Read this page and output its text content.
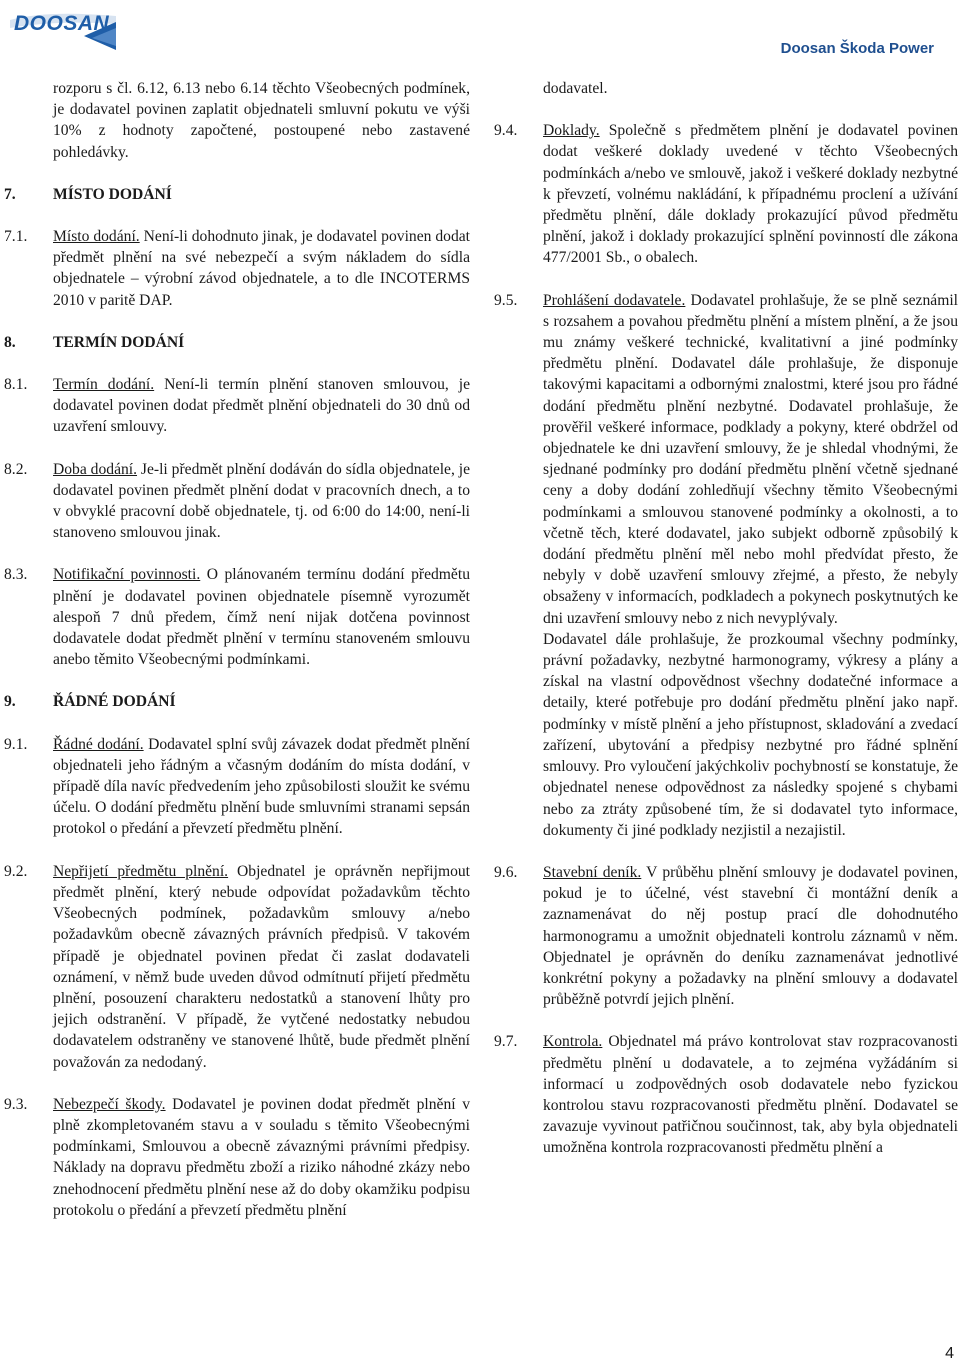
DOOSAN
Doosan Škoda Power

rozporu s čl. 6.12, 6.13 nebo 6.14 těchto Všeobecných podmínek, je dodavatel povinen zaplatit objednateli smluvní pokutu ve výši 10% z hodnoty započtené, postoupené nebo zastavené pohledávky.

7.	MÍSTO DODÁNÍ

7.1.	Místo dodání. Není-li dohodnuto jinak, je dodavatel povinen dodat předmět plnění na své nebezpečí a svým nákladem do sídla objednatele – výrobní závod objednatele, a to dle INCOTERMS 2010 v paritě DAP.

8.	TERMÍN DODÁNÍ

8.1.	Termín dodání. Není-li termín plnění stanoven smlouvou, je dodavatel povinen dodat předmět plnění objednateli do 30 dnů od uzavření smlouvy.

8.2.	Doba dodání. Je-li předmět plnění dodáván do sídla objednatele, je dodavatel povinen předmět plnění dodat v pracovních dnech, a to v obvyklé pracovní době objednatele, tj. od 6:00 do 14:00, není-li stanoveno smlouvou jinak.

8.3.	Notifikační povinnosti. O plánovaném termínu dodání předmětu plnění je dodavatel povinen objednatele písemně vyrozumět alespoň 7 dnů předem, čímž není nijak dotčena povinnost dodavatele dodat předmět plnění v termínu stanoveném smlouvu anebo těmito Všeobecnými podmínkami.

9.	ŘÁDNÉ DODÁNÍ

9.1.	Řádné dodání. Dodavatel splní svůj závazek dodat předmět plnění objednateli jeho řádným a včasným dodáním do místa dodání, v případě díla navíc předvedením jeho způsobilosti sloužit ke svému účelu. O dodání předmětu plnění bude smluvními stranami sepsán protokol o předání a převzetí předmětu plnění.

9.2.	Nepřijetí předmětu plnění. Objednatel je oprávněn nepřijmout předmět plnění, který nebude odpovídat požadavkům těchto Všeobecných podmínek, požadavkům smlouvy a/nebo požadavkům obecně závazných právních předpisů. V takovém případě je objednatel povinen předat či zaslat dodavateli oznámení, v němž bude uveden důvod odmítnutí přijetí předmětu plnění, posouzení charakteru nedostatků a stanovení lhůty pro jejich odstranění. V případě, že vytčené nedostatky nebudou dodavatelem odstraněny ve stanovené lhůtě, bude předmět plnění považován za nedodaný.

9.3.	Nebezpečí škody. Dodavatel je povinen dodat předmět plnění v plně zkompletovaném stavu a v souladu s těmito Všeobecnými podmínkami, Smlouvou a obecně závaznými právními předpisy. Náklady na dopravu předmětu zboží a riziko náhodné zkázy nebo znehodnocení předmětu plnění nese až do doby okamžiku podpisu protokolu o předání a převzetí předmětu plnění

dodavatel.

9.4.	Doklady. Společně s předmětem plnění je dodavatel povinen dodat veškeré doklady uvedené v těchto Všeobecných podmínkách a/nebo ve smlouvě, jakož i veškeré doklady nezbytné k převzetí, volnému nakládání, k případnému proclení a užívání předmětu plnění, dále doklady prokazující původ předmětu plnění, jakož i doklady prokazující splnění povinností dle zákona 477/2001 Sb., o obalech.

9.5.	Prohlášení dodavatele. Dodavatel prohlašuje, že se plně seznámil s rozsahem a povahou předmětu plnění a místem plnění, a že jsou mu známy veškeré technické, kvalitativní a jiné podmínky předmětu plnění. Dodavatel dále prohlašuje, že disponuje takovými kapacitami a odbornými znalostmi, které jsou pro řádné dodání předmětu plnění nezbytné. Dodavatel prohlašuje, že prověřil veškeré informace, podklady a pokyny, které obdržel od objednatele ke dni uzavření smlouvy, že je shledal vhodnými, že sjednané podmínky pro dodání předmětu plnění včetně sjednané ceny a doby dodání zohledňují všechny těmito Všeobecnými podmínkami a smlouvou stanovené podmínky a okolnosti, a to včetně těch, které dodavatel, jako subjekt odborně způsobilý k dodání předmětu plnění měl nebo mohl předvídat přesto, že nebyly v době uzavření smlouvy zřejmé, a přesto, že nebyly obsaženy v informacích, podkladech a pokynech poskytnutých ke dni uzavření smlouvy nebo z nich nevyplývaly.

Dodavatel dále prohlašuje, že prozkoumal všechny podmínky, právní požadavky, nezbytné harmonogramy, výkresy a plány a získal na vlastní odpovědnost všechny dodatečné informace a detaily, které potřebuje pro dodání předmětu plnění jako např. podmínky v místě plnění a jeho přístupnost, skladování a zvedací zařízení, ubytování a předpisy nezbytné pro řádné splnění smlouvy. Pro vyloučení jakýchkoliv pochybností se konstatuje, že objednatel nenese odpovědnost za následky spojené s chybami nebo za ztráty způsobené tím, že si dodavatel tyto informace, dokumenty či jiné podklady nezjistil a nezajistil.

9.6.	Stavební deník. V průběhu plnění smlouvy je dodavatel povinen, pokud je to účelné, vést stavební či montážní deník a zaznamenávat do něj postup prací dle dohodnutého harmonogramu a umožnit objednateli kontrolu záznamů v něm. Objednatel je oprávněn do deníku zaznamenávat jednotlivé konkrétní pokyny a požadavky na plnění smlouvy a dodavatel průběžně potvrdí jejich plnění.

9.7.	Kontrola. Objednatel má právo kontrolovat stav rozpracovanosti předmětu plnění u dodavatele, a to zejména vyžádáním si informací u zodpovědných osob dodavatele nebo fyzickou kontrolou stavu rozpracovanosti předmětu plnění. Dodavatel se zavazuje vyvinout patřičnou součinnost, tak, aby byla objednateli umožněna kontrola rozpracovanosti předmětu plnění a

4
